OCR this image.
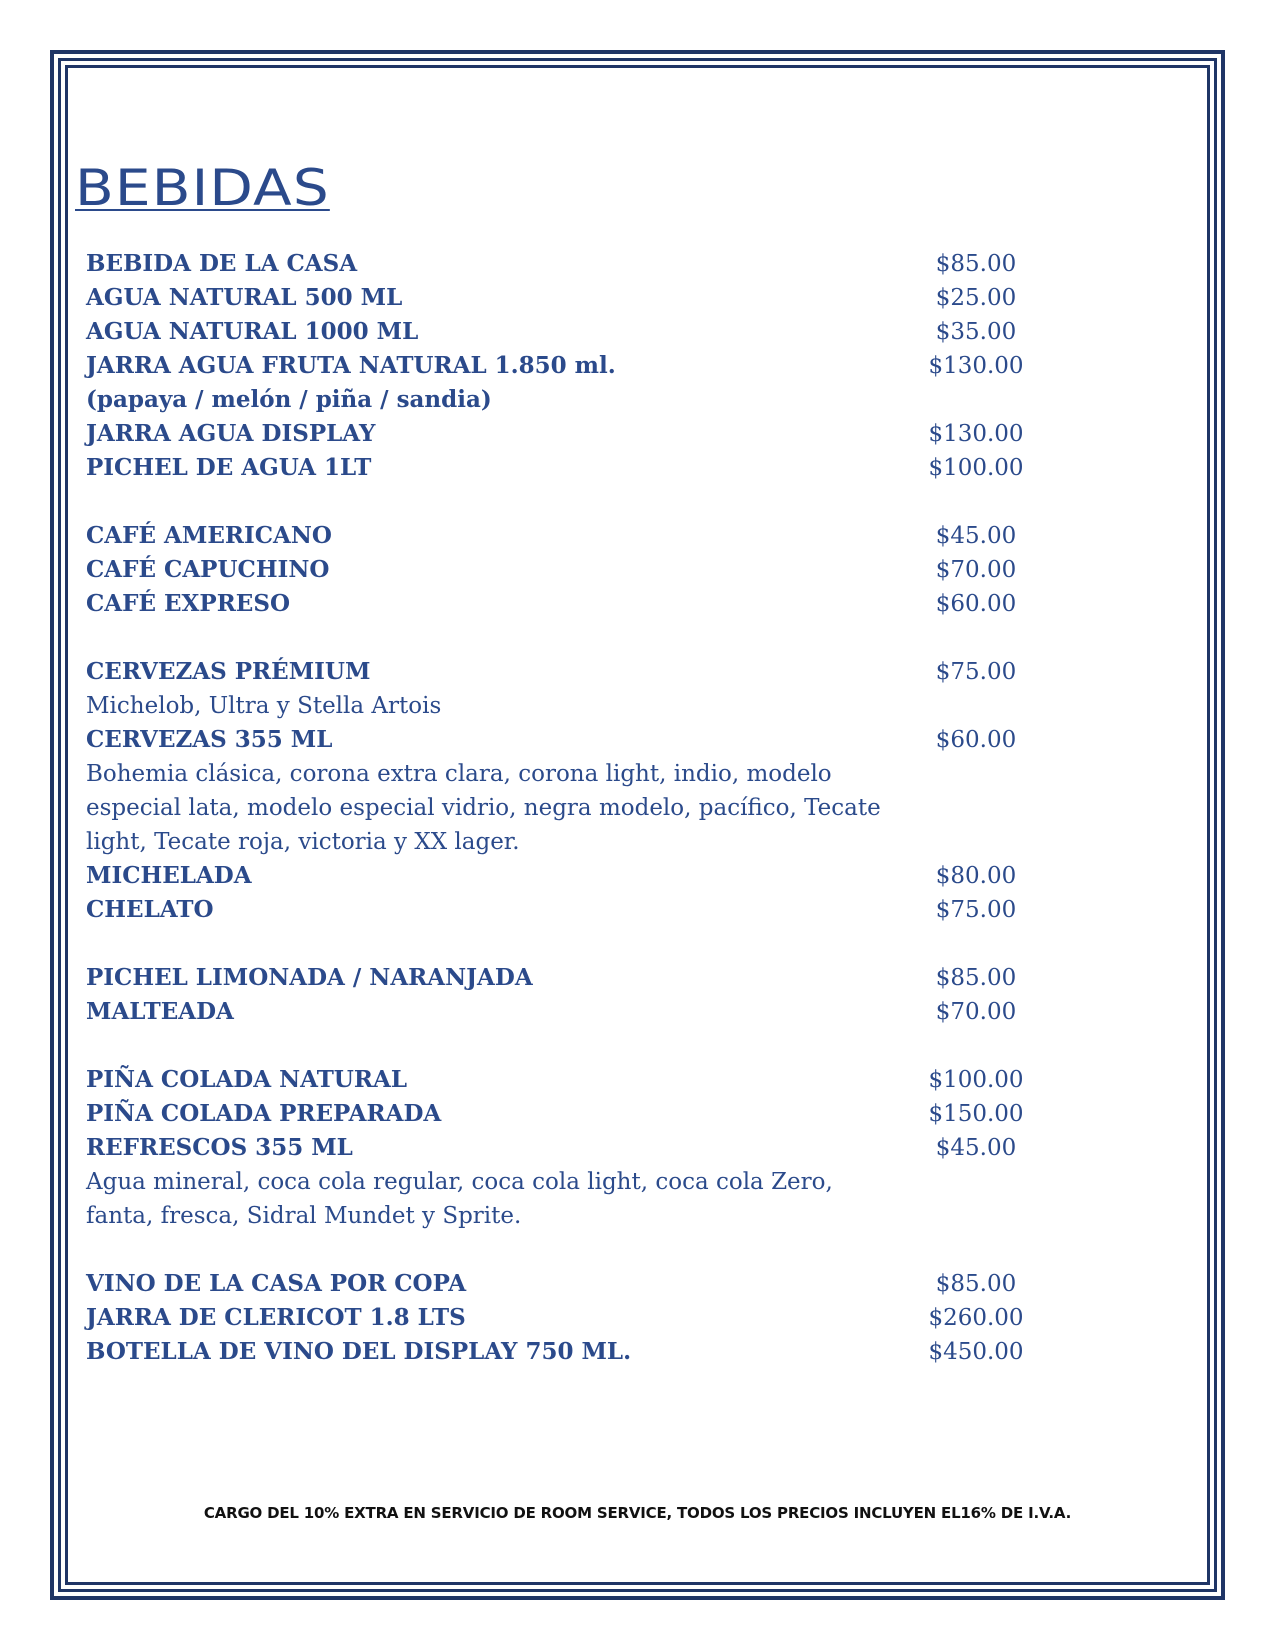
BEBIDAS
BEBIDA DE LA CASA	$85.00
AGUA NATURAL 500 ML	$25.00
AGUA NATURAL 1000 ML	$35.00
JARRA AGUA FRUTA NATURAL 1.850 ml.	$130.00
(papaya / melón / piña / sandia)
JARRA AGUA DISPLAY	$130.00
PICHEL DE AGUA 1LT	$100.00
CAFÉ AMERICANO	$45.00
CAFÉ CAPUCHINO	$70.00
CAFÉ EXPRESO	$60.00
CERVEZAS PRÉMIUM	$75.00
Michelob, Ultra y Stella Artois
CERVEZAS 355 ML	$60.00
Bohemia clásica, corona extra clara, corona light, indio, modelo especial lata, modelo especial vidrio, negra modelo, pacífico, Tecate light, Tecate roja, victoria y XX lager.
MICHELADA	$80.00
CHELATO	$75.00
PICHEL LIMONADA / NARANJADA	$85.00
MALTEADA	$70.00
PIÑA COLADA NATURAL	$100.00
PIÑA COLADA PREPARADA	$150.00
REFRESCOS 355 ML	$45.00
Agua mineral, coca cola regular, coca cola light, coca cola Zero, fanta, fresca, Sidral Mundet y Sprite.
VINO DE LA CASA POR COPA	$85.00
JARRA DE CLERICOT 1.8 LTS	$260.00
BOTELLA DE VINO DEL DISPLAY 750 ML.	$450.00
CARGO DEL 10% EXTRA EN SERVICIO DE ROOM SERVICE, TODOS LOS PRECIOS INCLUYEN EL16% DE I.V.A.
